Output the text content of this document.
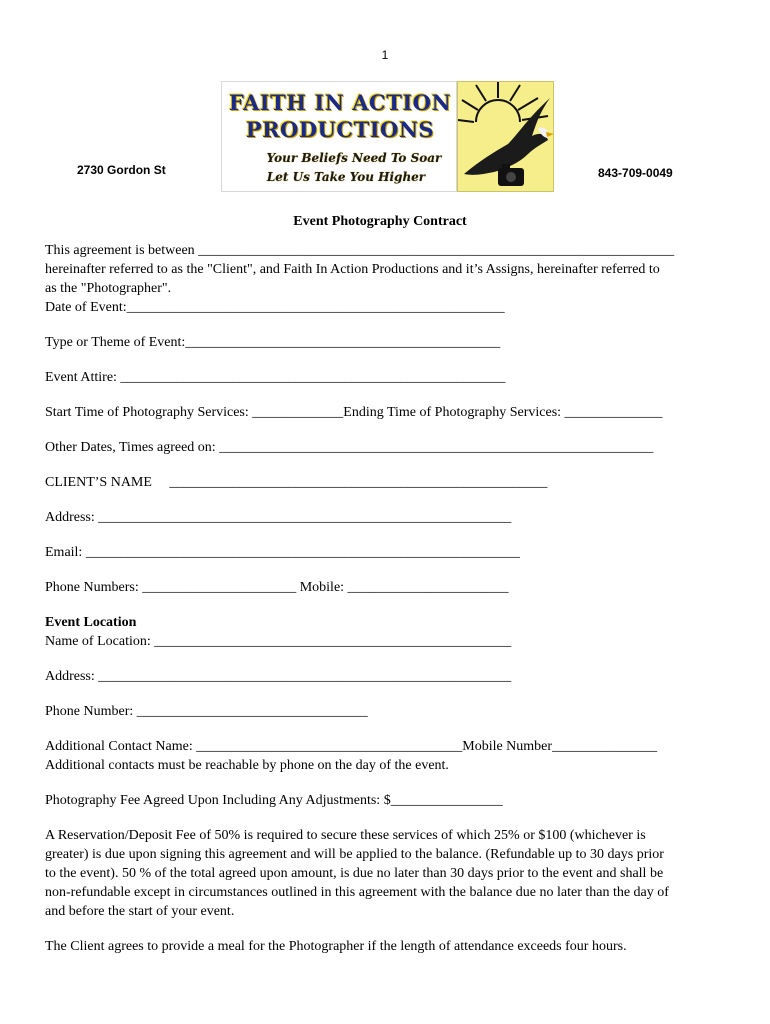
1
2730 Gordon St
FAITH IN ACTION
PRODUCTIONS
Your Beliefs Need To Soar
Let Us Take You Higher	843-709-0049
Event Photography Contract
This agreement is between ____________________________________________________________________
hereinafter referred to as the "Client", and Faith In Action Productions and it’s Assigns, hereinafter referred to
as the "Photographer".
Date of Event:______________________________________________________
Type or Theme of Event:_____________________________________________
Event Attire: _______________________________________________________
Start Time of Photography Services: _____________Ending Time of Photography Services: ______________
Other Dates, Times agreed on: ______________________________________________________________
CLIENT’S NAME     ______________________________________________________
Address: ___________________________________________________________
Email: ______________________________________________________________
Phone Numbers: ______________________ Mobile: _______________________
Event Location
Name of Location: ___________________________________________________
Address: ___________________________________________________________
Phone Number: _________________________________
Additional Contact Name: ______________________________________Mobile Number_______________
Additional contacts must be reachable by phone on the day of the event.
Photography Fee Agreed Upon Including Any Adjustments: $________________
A Reservation/Deposit Fee of 50% is required to secure these services of which 25% or $100 (whichever is
greater) is due upon signing this agreement and will be applied to the balance. (Refundable up to 30 days prior
to the event). 50 % of the total agreed upon amount, is due no later than 30 days prior to the event and shall be
non-refundable except in circumstances outlined in this agreement with the balance due no later than the day of
and before the start of your event.
The Client agrees to provide a meal for the Photographer if the length of attendance exceeds four hours.
